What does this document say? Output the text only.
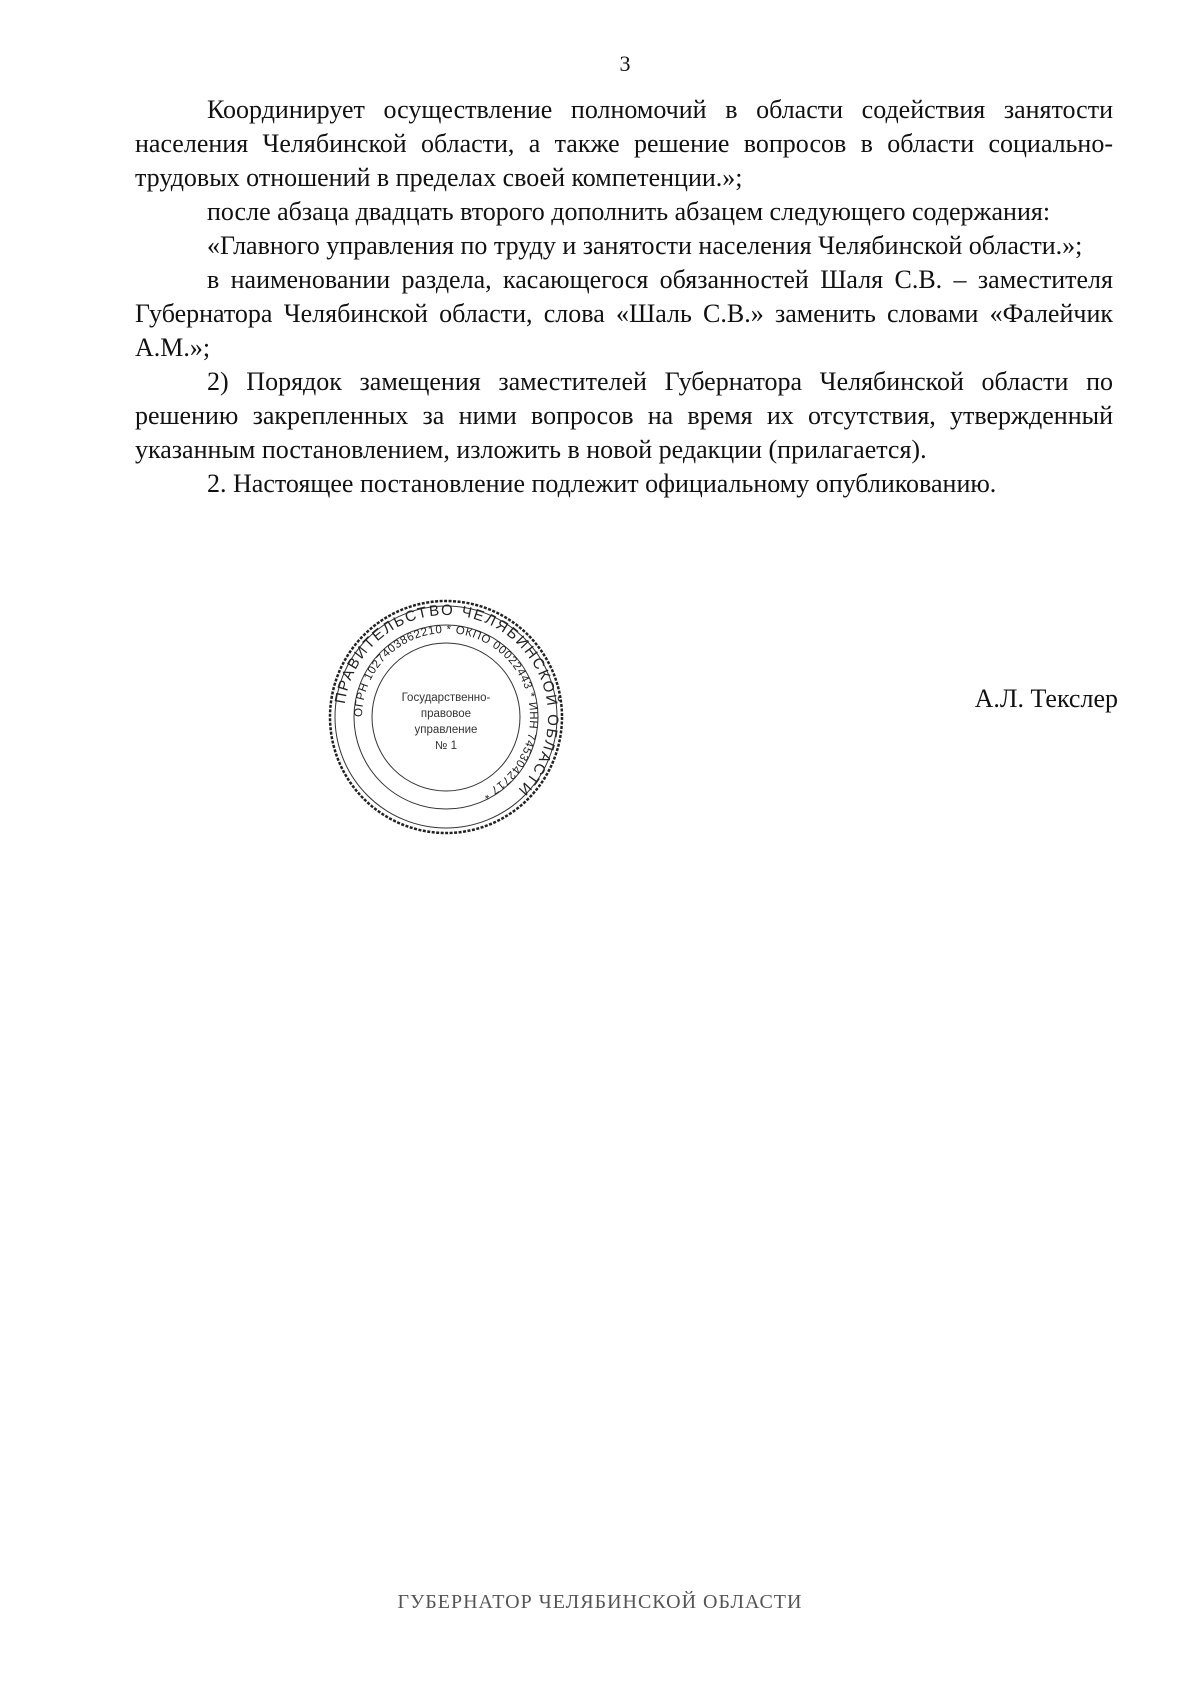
3

Координирует осуществление полномочий в области содействия занятости населения Челябинской области, а также решение вопросов в области социально-трудовых отношений в пределах своей компетенции.»;

после абзаца двадцать второго дополнить абзацем следующего содержания:

«Главного управления по труду и занятости населения Челябинской области.»;

в наименовании раздела, касающегося обязанностей Шаля С.В. – заместителя Губернатора Челябинской области, слова «Шаль С.В.» заменить словами «Фалейчик А.М.»;

2) Порядок замещения заместителей Губернатора Челябинской области по решению закрепленных за ними вопросов на время их отсутствия, утвержденный указанным постановлением, изложить в новой редакции (прилагается).

2. Настоящее постановление подлежит официальному опубликованию.

ПРАВИТЕЛЬСТВО ЧЕЛЯБИНСКОЙ ОБЛАСТИ
ОГРН 1027403862210 * ОКПО 00022443 * ИНН 7453042717 *
Государственно-
правовое
управление
№ 1
А.Л. Текслер
ГУБЕРНАТОР ЧЕЛЯБИНСКОЙ ОБЛАСТИ
